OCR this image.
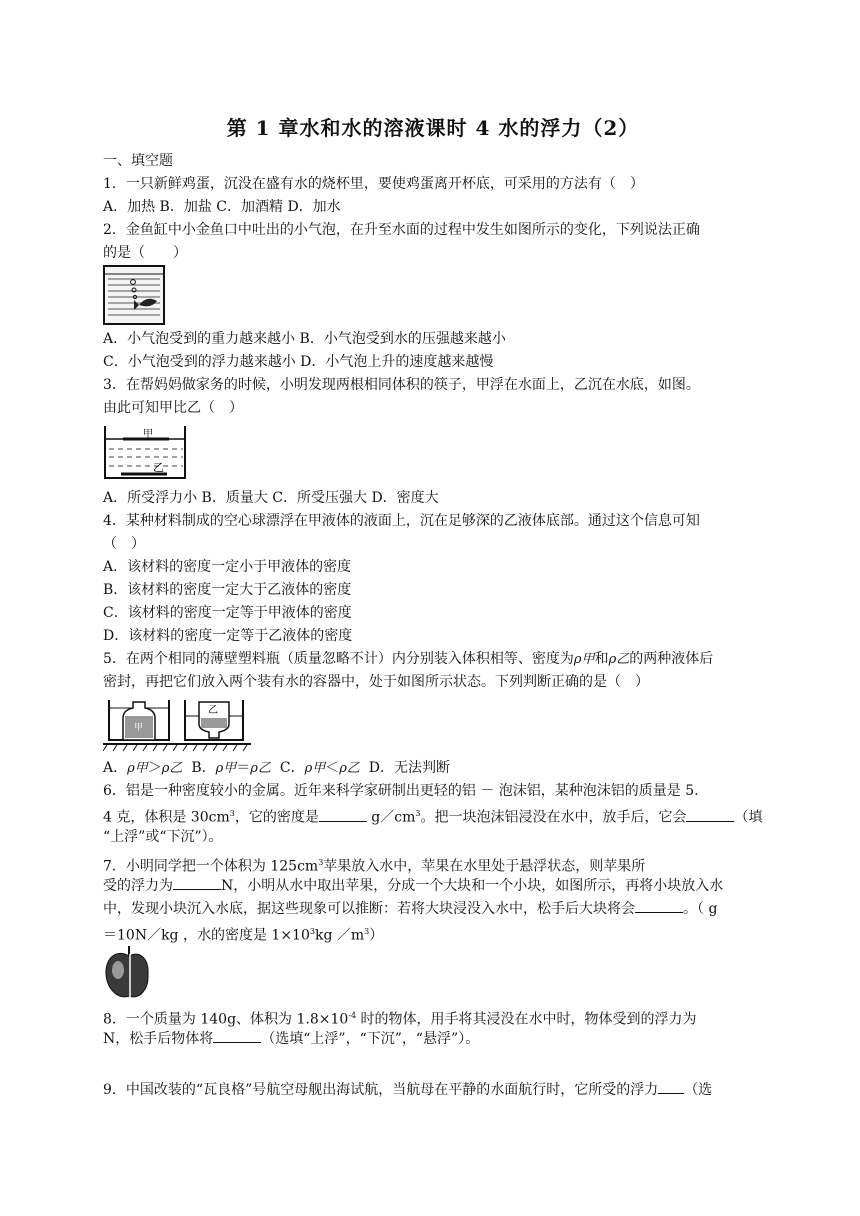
第 1 章水和水的溶液课时 4 水的浮力（2）
一、填空题
1．一只新鲜鸡蛋，沉没在盛有水的烧杯里，要使鸡蛋离开杯底，可采用的方法有（　）
A．加热 B．加盐 C．加酒精 D．加水
2．金鱼缸中小金鱼口中吐出的小气泡，在升至水面的过程中发生如图所示的变化，下列说法正确
的是（　　）
A．小气泡受到的重力越来越小 B．小气泡受到水的压强越来越小
C．小气泡受到的浮力越来越小 D．小气泡上升的速度越来越慢
3．在帮妈妈做家务的时候，小明发现两根相同体积的筷子，甲浮在水面上，乙沉在水底，如图。
由此可知甲比乙（　）
甲
乙
A．所受浮力小 B．质量大 C．所受压强大 D．密度大
4．某种材料制成的空心球漂浮在甲液体的液面上，沉在足够深的乙液体底部。通过这个信息可知
（　）
A．该材料的密度一定小于甲液体的密度
B．该材料的密度一定大于乙液体的密度
C．该材料的密度一定等于甲液体的密度
D．该材料的密度一定等于乙液体的密度
5．在两个相同的薄壁塑料瓶（质量忽略不计）内分别装入体积相等、密度为ρ甲和ρ乙的两种液体后
密封，再把它们放入两个装有水的容器中，处于如图所示状态。下列判断正确的是（　）
甲
乙
A．ρ甲＞ρ乙 B．ρ甲＝ρ乙 C．ρ甲＜ρ乙 D．无法判断
6．铝是一种密度较小的金属。近年来科学家研制出更轻的铝 － 泡沫铝，某种泡沫铝的质量是 5.
4 克，体积是 $30cm^3$，它的密度是	$g/cm^3$。把一块泡沫铝浸没在水中，放手后，它会	（填
“上浮”或“下沉”）。
7．小明同学把一个体积为 $125cm^3$苹果放入水中，苹果在水里处于悬浮状态，则苹果所
受的浮力为	N，小明从水中取出苹果，分成一个大块和一个小块，如图所示，再将小块放入水
中，发现小块沉入水底，据这些现象可以推断：若将大块浸没入水中，松手后大块将会	。（ g
＝10N／kg ，水的密度是 $1\times 10^3kg$ $/m^3$）
8．一个质量为 140g、体积为 $1.8\times 10^{-4}$ 时的物体，用手将其浸没在水中时，物体受到的浮力为
N，松手后物体将	（选填“上浮”，“下沉”，“悬浮”）。
9．中国改装的“瓦良格”号航空母舰出海试航，当航母在平静的水面航行时，它所受的浮力 （选
